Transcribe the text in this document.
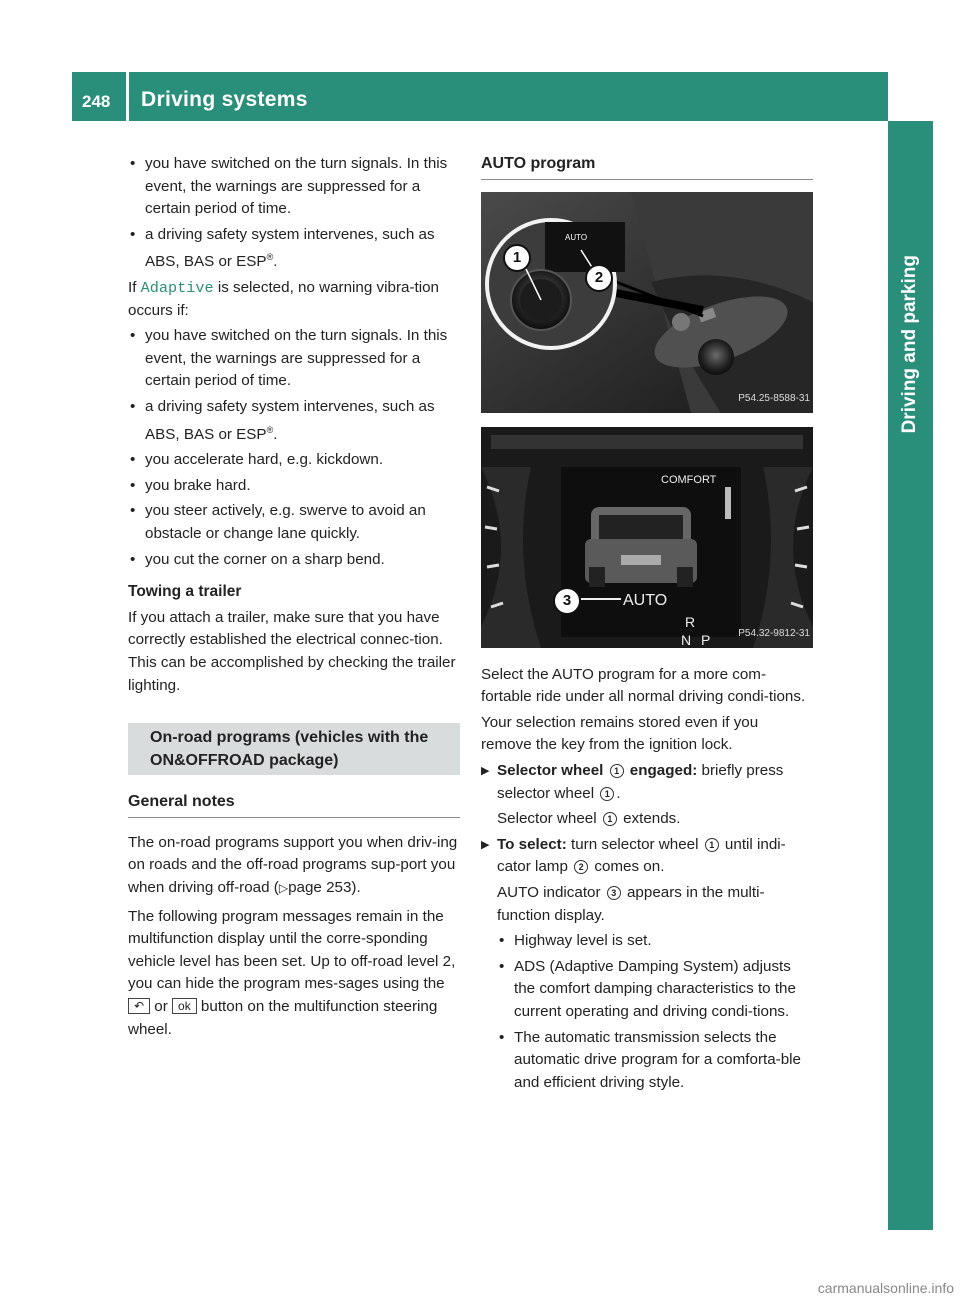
248 Driving systems
Driving and parking
• you have switched on the turn signals. In this event, the warnings are suppressed for a certain period of time.
• a driving safety system intervenes, such as ABS, BAS or ESP®.

If Adaptive is selected, no warning vibra-tion occurs if:

• you have switched on the turn signals. In this event, the warnings are suppressed for a certain period of time.
• a driving safety system intervenes, such as ABS, BAS or ESP®.
• you accelerate hard, e.g. kickdown.
• you brake hard.
• you steer actively, e.g. swerve to avoid an obstacle or change lane quickly.
• you cut the corner on a sharp bend.
Towing a trailer

If you attach a trailer, make sure that you have correctly established the electrical connec-tion. This can be accomplished by checking the trailer lighting.

On-road programs (vehicles with the ON&OFFROAD package)
General notes

The on-road programs support you when driv-ing on roads and the off-road programs sup-port you when driving off-road (▷page 253).

The following program messages remain in the multifunction display until the corre-sponding vehicle level has been set. Up to off-road level 2, you can hide the program mes-sages using the ↶ or ok button on the multifunction steering wheel.

AUTO program
AUTO
1
2
P54.25-8588-31
COMFORT
AUTO
R
N P
3
P54.32-9812-31

Select the AUTO program for a more com-fortable ride under all normal driving condi-tions.

Your selection remains stored even if you remove the key from the ignition lock.

▶ Selector wheel 1 engaged: briefly press selector wheel 1 .

Selector wheel 1 extends.

▶ To select: turn selector wheel 1 until indi-cator lamp 2 comes on.

AUTO indicator 3 appears in the multi-function display.

• Highway level is set.
• ADS (Adaptive Damping System) adjusts the comfort damping characteristics to the current operating and driving condi-tions.
• The automatic transmission selects the automatic drive program for a comforta-ble and efficient driving style.
carmanualsonline.info
